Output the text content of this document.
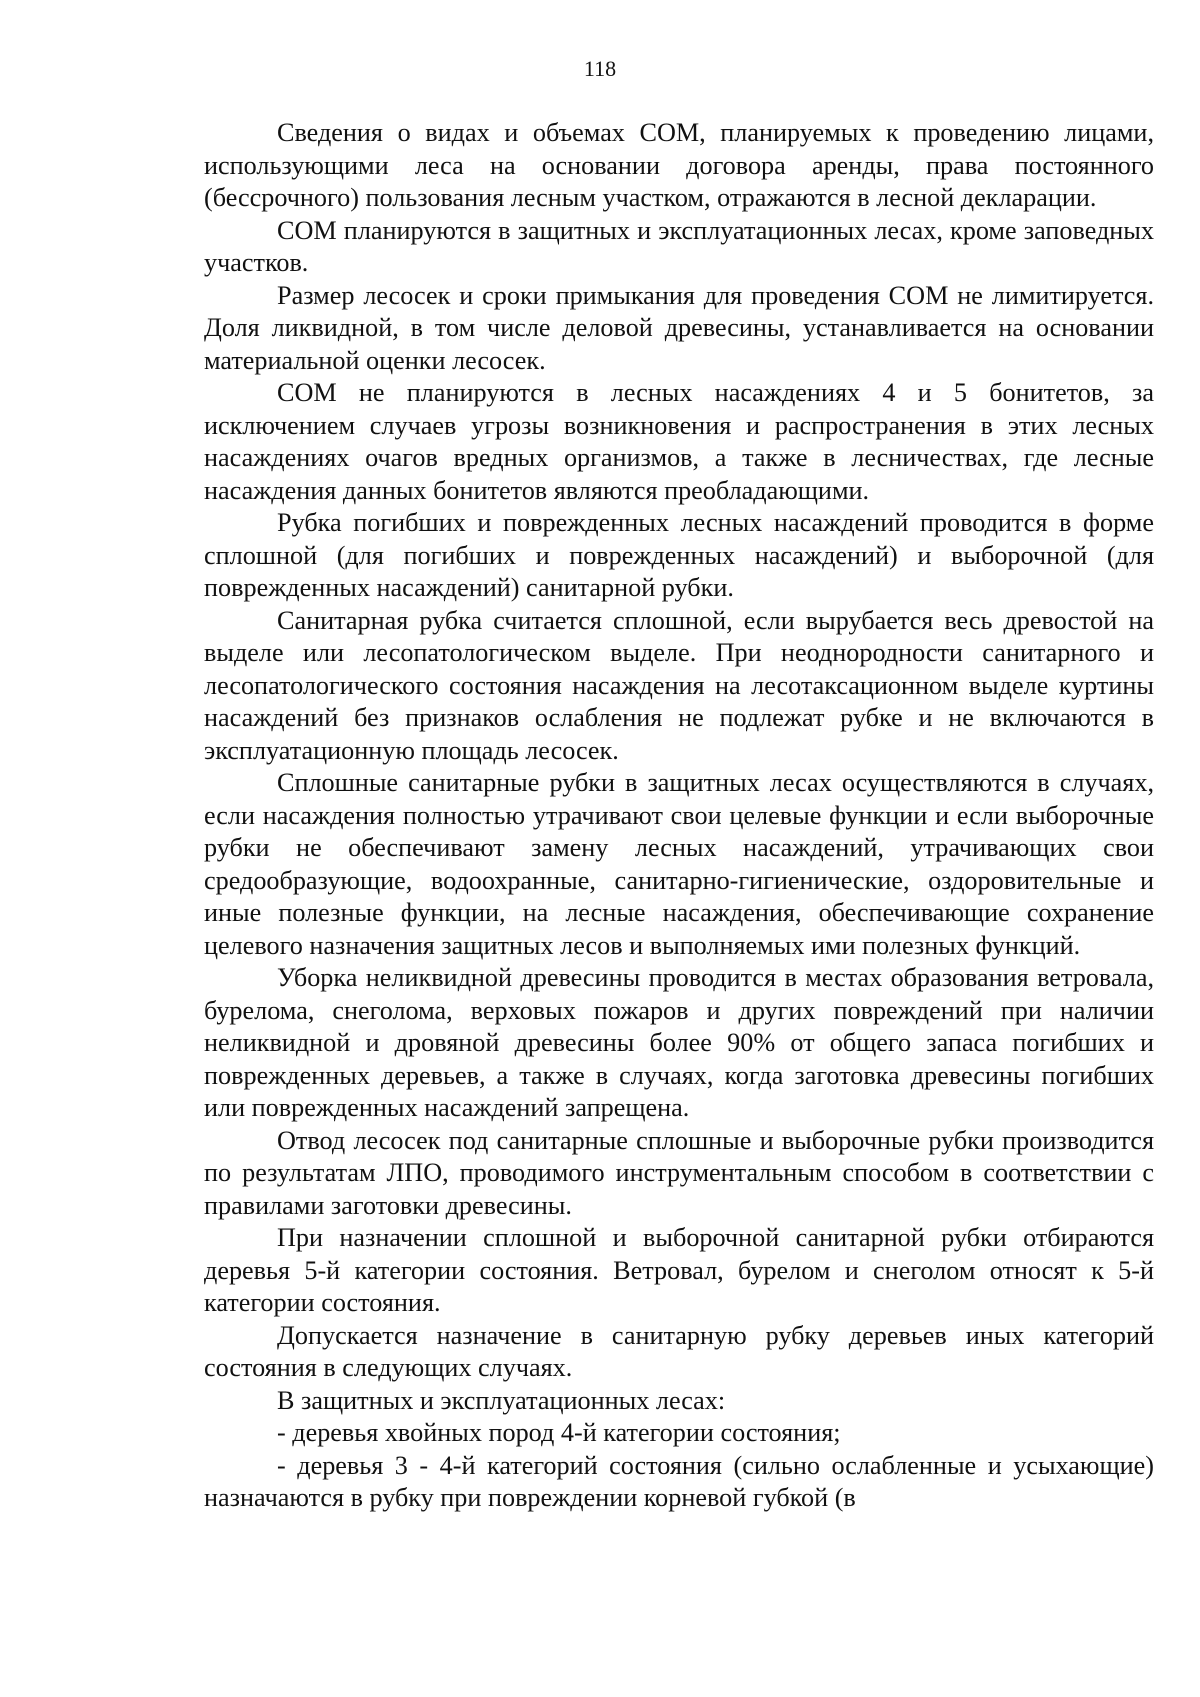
118

Сведения о видах и объемах СОМ, планируемых к проведению лицами, использующими леса на основании договора аренды, права постоянного (бессрочного) пользования лесным участком, отражаются в лесной декларации.

СОМ планируются в защитных и эксплуатационных лесах, кроме заповедных участков.

Размер лесосек и сроки примыкания для проведения СОМ не лимитируется. Доля ликвидной, в том числе деловой древесины, устанавливается на основании материальной оценки лесосек.

СОМ не планируются в лесных насаждениях 4 и 5 бонитетов, за исключением случаев угрозы возникновения и распространения в этих лесных насаждениях очагов вредных организмов, а также в лесничествах, где лесные насаждения данных бонитетов являются преобладающими.

Рубка погибших и поврежденных лесных насаждений проводится в форме сплошной (для погибших и поврежденных насаждений) и выборочной (для поврежденных насаждений) санитарной рубки.

Санитарная рубка считается сплошной, если вырубается весь древостой на выделе или лесопатологическом выделе. При неоднородности санитарного и лесопатологического состояния насаждения на лесотаксационном выделе куртины насаждений без признаков ослабления не подлежат рубке и не включаются в эксплуатационную площадь лесосек.

Сплошные санитарные рубки в защитных лесах осуществляются в случаях, если насаждения полностью утрачивают свои целевые функции и если выборочные рубки не обеспечивают замену лесных насаждений, утрачивающих свои средообразующие, водоохранные, санитарно-гигиенические, оздоровительные и иные полезные функции, на лесные насаждения, обеспечивающие сохранение целевого назначения защитных лесов и выполняемых ими полезных функций.

Уборка неликвидной древесины проводится в местах образования ветровала, бурелома, снеголома, верховых пожаров и других повреждений при наличии неликвидной и дровяной древесины более 90% от общего запаса погибших и поврежденных деревьев, а также в случаях, когда заготовка древесины погибших или поврежденных насаждений запрещена.

Отвод лесосек под санитарные сплошные и выборочные рубки производится по результатам ЛПО, проводимого инструментальным способом в соответствии с правилами заготовки древесины.

При назначении сплошной и выборочной санитарной рубки отбираются деревья 5-й категории состояния. Ветровал, бурелом и снеголом относят к 5-й категории состояния.

Допускается назначение в санитарную рубку деревьев иных категорий состояния в следующих случаях.

В защитных и эксплуатационных лесах:

- деревья хвойных пород 4-й категории состояния;

- деревья 3 - 4-й категорий состояния (сильно ослабленные и усыхающие) назначаются в рубку при повреждении корневой губкой (в
